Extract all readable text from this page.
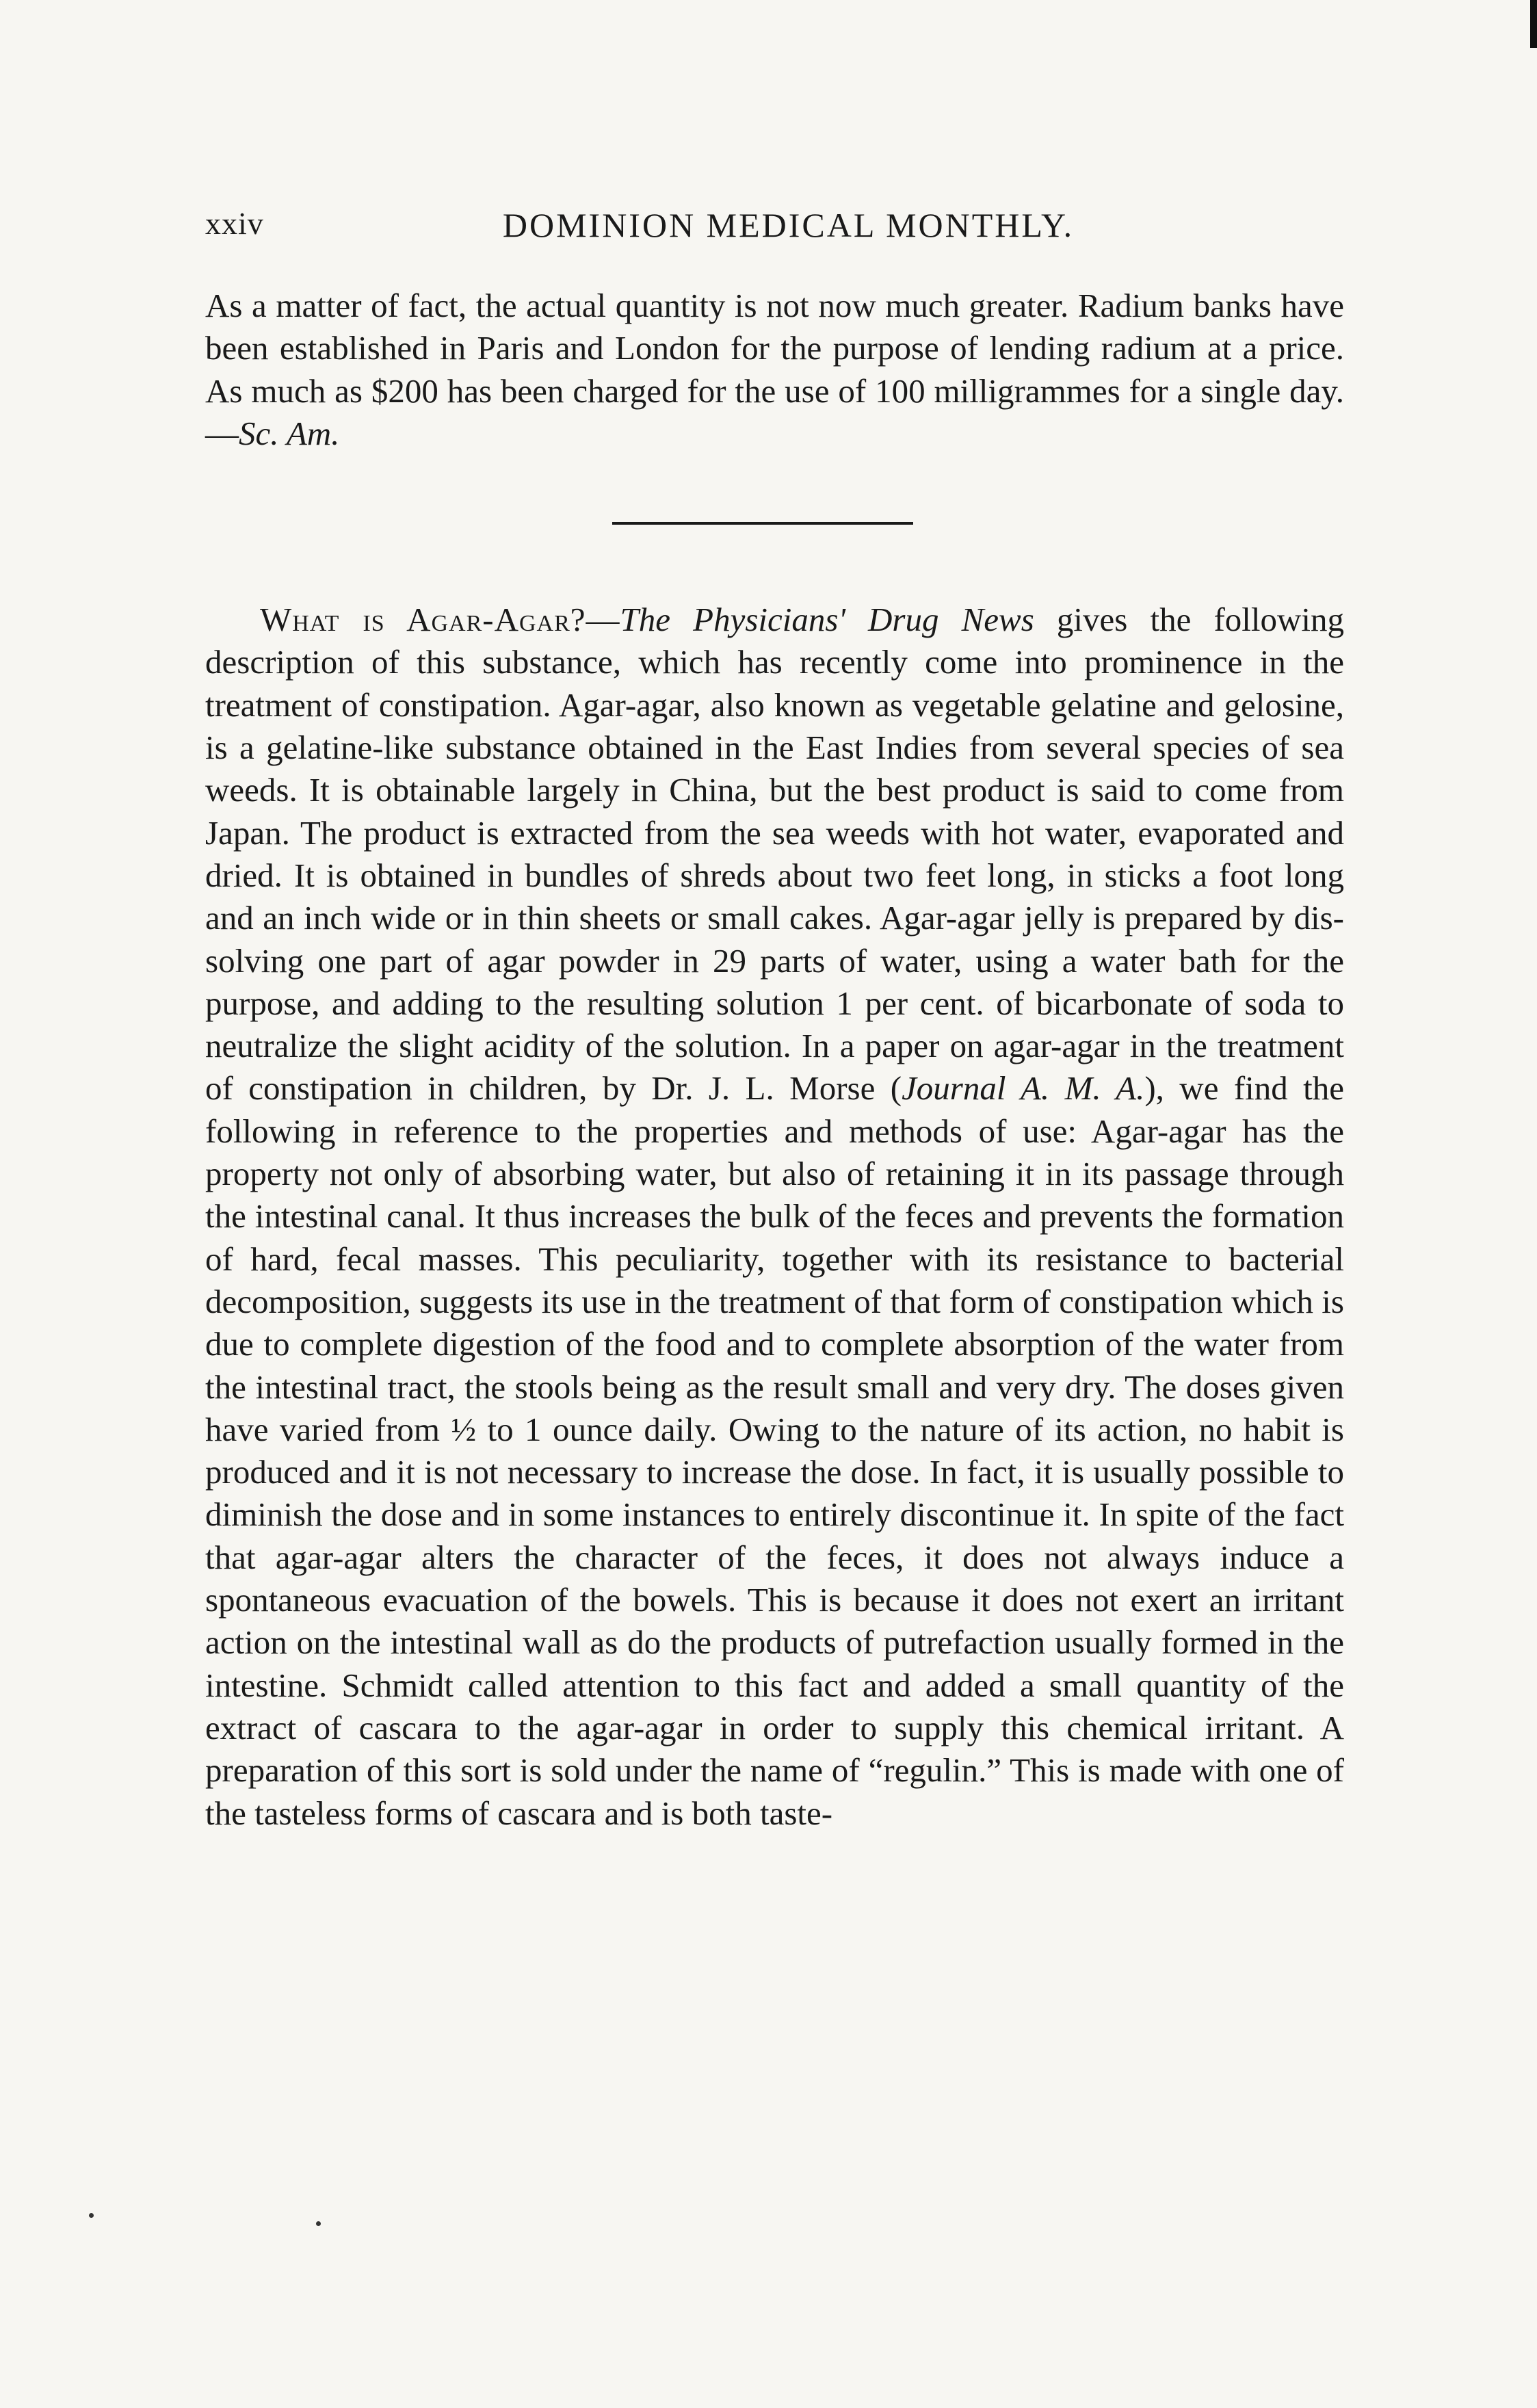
xxiv	DOMINION MEDICAL MONTHLY.

As a matter of fact, the actual quantity is not now much greater. Radium banks have been established in Paris and London for the purpose of lending radium at a price. As much as $200 has been charged for the use of 100 milligrammes for a single day.—Sc. Am.

What is Agar-Agar?—The Physicians' Drug News gives the following description of this substance, which has recently come into prominence in the treatment of constipation. Agar-agar, also known as vegetable gelatine and gelosine, is a gelatine-like substance obtained in the East Indies from several species of sea weeds. It is obtainable largely in China, but the best product is said to come from Japan. The product is extracted from the sea weeds with hot water, evaporated and dried. It is obtained in bundles of shreds about two feet long, in sticks a foot long and an inch wide or in thin sheets or small cakes. Agar-agar jelly is prepared by dissolving one part of agar powder in 29 parts of water, using a water bath for the purpose, and adding to the resulting solution 1 per cent. of bicarbonate of soda to neutralize the slight acidity of the solution. In a paper on agar-agar in the treatment of constipation in children, by Dr. J. L. Morse (Journal A. M. A.), we find the following in reference to the properties and methods of use: Agar-agar has the property not only of absorbing water, but also of retaining it in its passage through the intestinal canal. It thus increases the bulk of the feces and prevents the formation of hard, fecal masses. This peculiarity, together with its resistance to bacterial decomposition, suggests its use in the treatment of that form of constipation which is due to complete digestion of the food and to complete absorption of the water from the intestinal tract, the stools being as the result small and very dry. The doses given have varied from ½ to 1 ounce daily. Owing to the nature of its action, no habit is produced and it is not necessary to increase the dose. In fact, it is usually possible to diminish the dose and in some instances to entirely discontinue it. In spite of the fact that agar-agar alters the character of the feces, it does not always induce a spontaneous evacuation of the bowels. This is because it does not exert an irritant action on the intestinal wall as do the products of putrefaction usually formed in the intestine. Schmidt called attention to this fact and added a small quantity of the extract of cascara to the agar-agar in order to supply this chemical irritant. A preparation of this sort is sold under the name of “regulin.” This is made with one of the tasteless forms of cascara and is both taste-
